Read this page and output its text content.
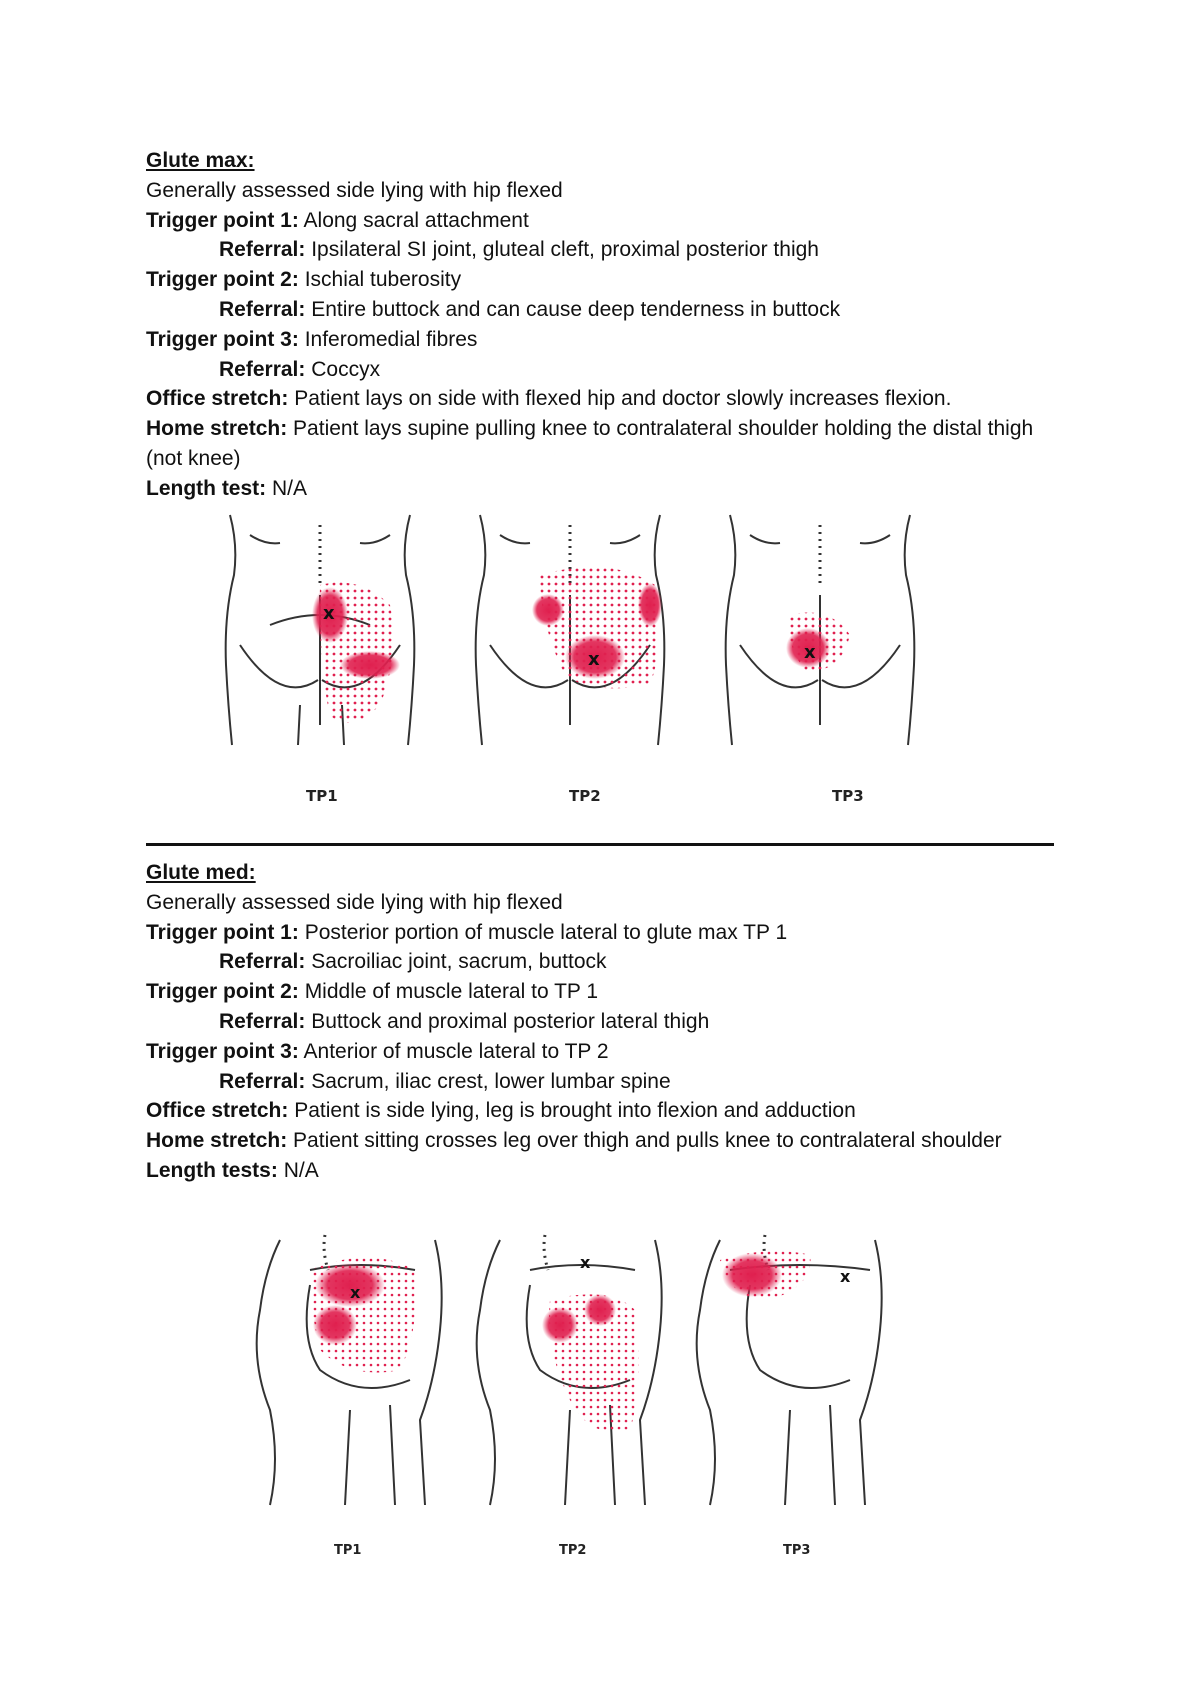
Glute max:
Generally assessed side lying with hip flexed
Trigger point 1: Along sacral attachment
Referral: Ipsilateral SI joint, gluteal cleft, proximal posterior thigh
Trigger point 2: Ischial tuberosity
Referral: Entire buttock and can cause deep tenderness in buttock
Trigger point 3: Inferomedial fibres
Referral: Coccyx
Office stretch: Patient lays on side with flexed hip and doctor slowly increases flexion.
Home stretch: Patient lays supine pulling knee to contralateral shoulder holding the distal thigh (not knee)
Length test: N/A
x
x	x
TP1	TP2	TP3
Glute med:
Generally assessed side lying with hip flexed
Trigger point 1: Posterior portion of muscle lateral to glute max TP 1
Referral: Sacroiliac joint, sacrum, buttock
Trigger point 2: Middle of muscle lateral to TP 1
Referral: Buttock and proximal posterior lateral thigh
Trigger point 3: Anterior of muscle lateral to TP 2
Referral: Sacrum, iliac crest, lower lumbar spine
Office stretch: Patient is side lying, leg is brought into flexion and adduction
Home stretch: Patient sitting crosses leg over thigh and pulls knee to contralateral shoulder
Length tests: N/A
x
x
x
TP1	TP2	TP3
